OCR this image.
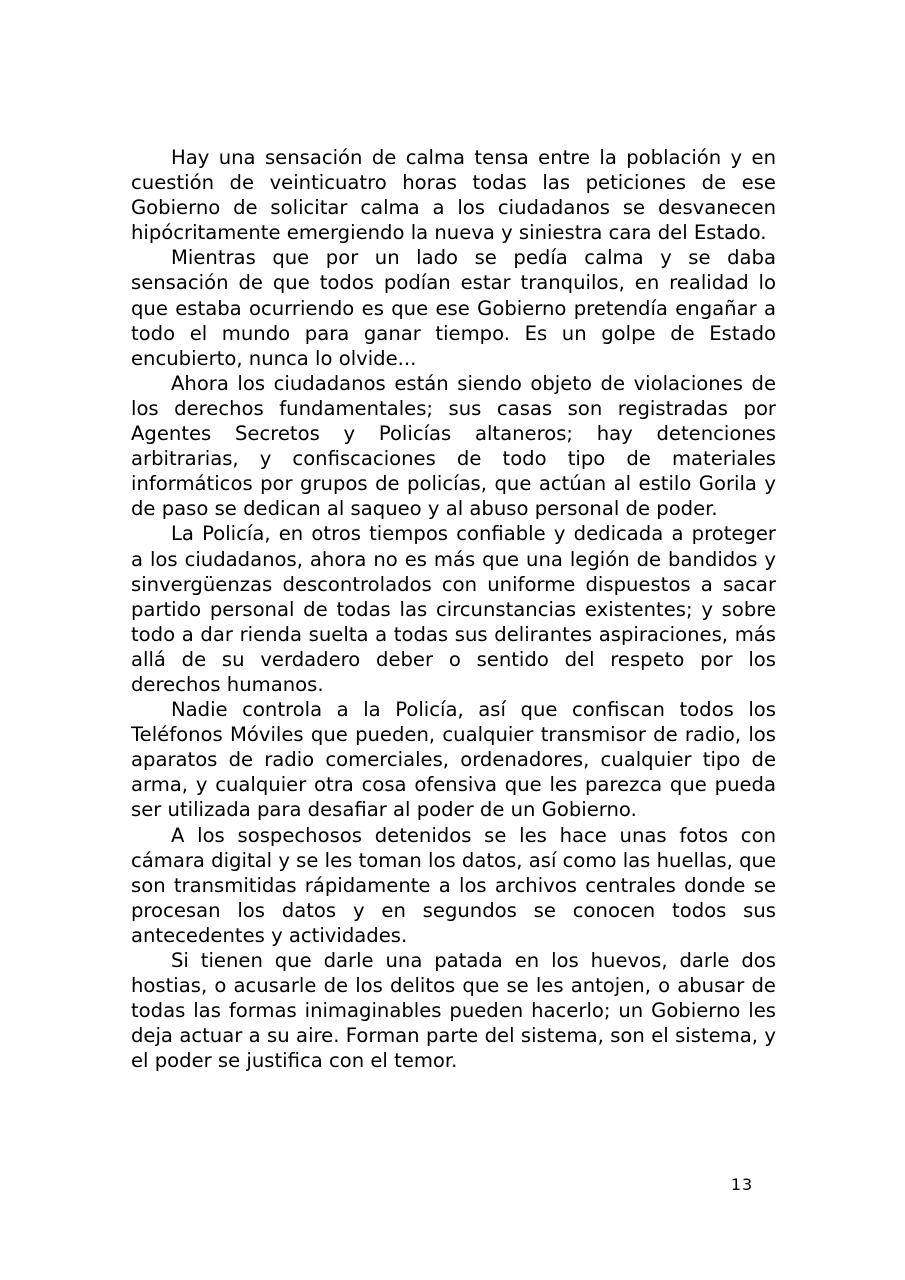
Hay una sensación de calma tensa entre la población y en cuestión de veinticuatro horas todas las peticiones de ese Gobierno de solicitar calma a los ciudadanos se desvanecen hipócritamente emergiendo la nueva y siniestra cara del Estado.

Mientras que por un lado se pedía calma y se daba sensación de que todos podían estar tranquilos, en realidad lo que estaba ocurriendo es que ese Gobierno pretendía engañar a todo el mundo para ganar tiempo. Es un golpe de Estado encubierto, nunca lo olvide...

Ahora los ciudadanos están siendo objeto de violaciones de los derechos fundamentales; sus casas son registradas por Agentes Secretos y Policías altaneros; hay detenciones arbitrarias, y confiscaciones de todo tipo de materiales informáticos por grupos de policías, que actúan al estilo Gorila y de paso se dedican al saqueo y al abuso personal de poder.

La Policía, en otros tiempos confiable y dedicada a proteger a los ciudadanos, ahora no es más que una legión de bandidos y sinvergüenzas descontrolados con uniforme dispuestos a sacar partido personal de todas las circunstancias existentes; y sobre todo a dar rienda suelta a todas sus delirantes aspiraciones, más allá de su verdadero deber o sentido del respeto por los derechos humanos.

Nadie controla a la Policía, así que confiscan todos los Teléfonos Móviles que pueden, cualquier transmisor de radio, los aparatos de radio comerciales, ordenadores, cualquier tipo de arma, y cualquier otra cosa ofensiva que les parezca que pueda ser utilizada para desafiar al poder de un Gobierno.

A los sospechosos detenidos se les hace unas fotos con cámara digital y se les toman los datos, así como las huellas, que son transmitidas rápidamente a los archivos centrales donde se procesan los datos y en segundos se conocen todos sus antecedentes y actividades.

Si tienen que darle una patada en los huevos, darle dos hostias, o acusarle de los delitos que se les antojen, o abusar de todas las formas inimaginables pueden hacerlo; un Gobierno les deja actuar a su aire. Forman parte del sistema, son el sistema, y el poder se justifica con el temor.

13
